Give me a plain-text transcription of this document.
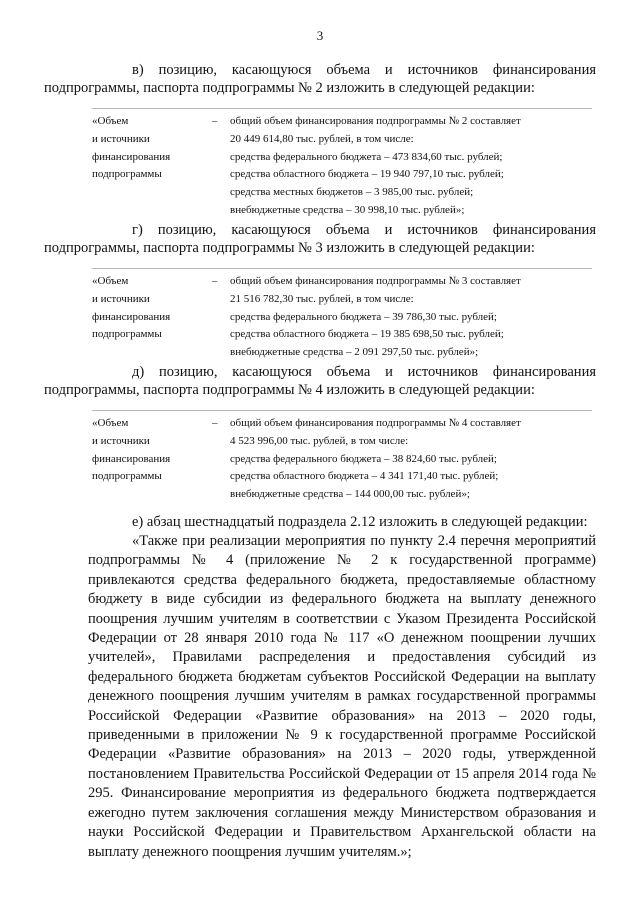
3

в) позицию, касающуюся объема и источников финансирования
подпрограммы, паспорта подпрограммы № 2 изложить в следующей редакции:

«Объем
и источники
финансирования
подпрограммы
– общий объем финансирования подпрограммы № 2 составляет
20 449 614,80 тыс. рублей, в том числе:
средства федерального бюджета – 473 834,60 тыс. рублей;
средства областного бюджета – 19 940 797,10 тыс. рублей;
средства местных бюджетов – 3 985,00 тыс. рублей;
внебюджетные средства – 30 998,10 тыс. рублей»;

г) позицию, касающуюся объема и источников финансирования
подпрограммы, паспорта подпрограммы № 3 изложить в следующей редакции:

«Объем
и источники
финансирования
подпрограммы
– общий объем финансирования подпрограммы № 3 составляет
21 516 782,30 тыс. рублей, в том числе:
средства федерального бюджета – 39 786,30 тыс. рублей;
средства областного бюджета – 19 385 698,50 тыс. рублей;
внебюджетные средства – 2 091 297,50 тыс. рублей»;

д) позицию, касающуюся объема и источников финансирования
подпрограммы, паспорта подпрограммы № 4 изложить в следующей редакции:

«Объем
и источники
финансирования
подпрограммы
– общий объем финансирования подпрограммы № 4 составляет
4 523 996,00 тыс. рублей, в том числе:
средства федерального бюджета – 38 824,60 тыс. рублей;
средства областного бюджета – 4 341 171,40 тыс. рублей;
внебюджетные средства – 144 000,00 тыс. рублей»;

е) абзац шестнадцатый подраздела 2.12 изложить в следующей редакции:

«Также при реализации мероприятия по пункту 2.4 перечня мероприятий подпрограммы № 4 (приложение № 2 к государственной программе) привлекаются средства федерального бюджета, предоставляемые областному бюджету в виде субсидии из федерального бюджета на выплату денежного поощрения лучшим учителям в соответствии с Указом Президента Российской Федерации от 28 января 2010 года № 117 «О денежном поощрении лучших учителей», Правилами распределения и предоставления субсидий из федерального бюджета бюджетам субъектов Российской Федерации на выплату денежного поощрения лучшим учителям в рамках государственной программы Российской Федерации «Развитие образования» на 2013 – 2020 годы, приведенными в приложении № 9 к государственной программе Российской Федерации «Развитие образования» на 2013 – 2020 годы, утвержденной постановлением Правительства Российской Федерации от 15 апреля 2014 года № 295. Финансирование мероприятия из федерального бюджета подтверждается ежегодно путем заключения соглашения между Министерством образования и науки Российской Федерации и Правительством Архангельской области на выплату денежного поощрения лучшим учителям.»;
